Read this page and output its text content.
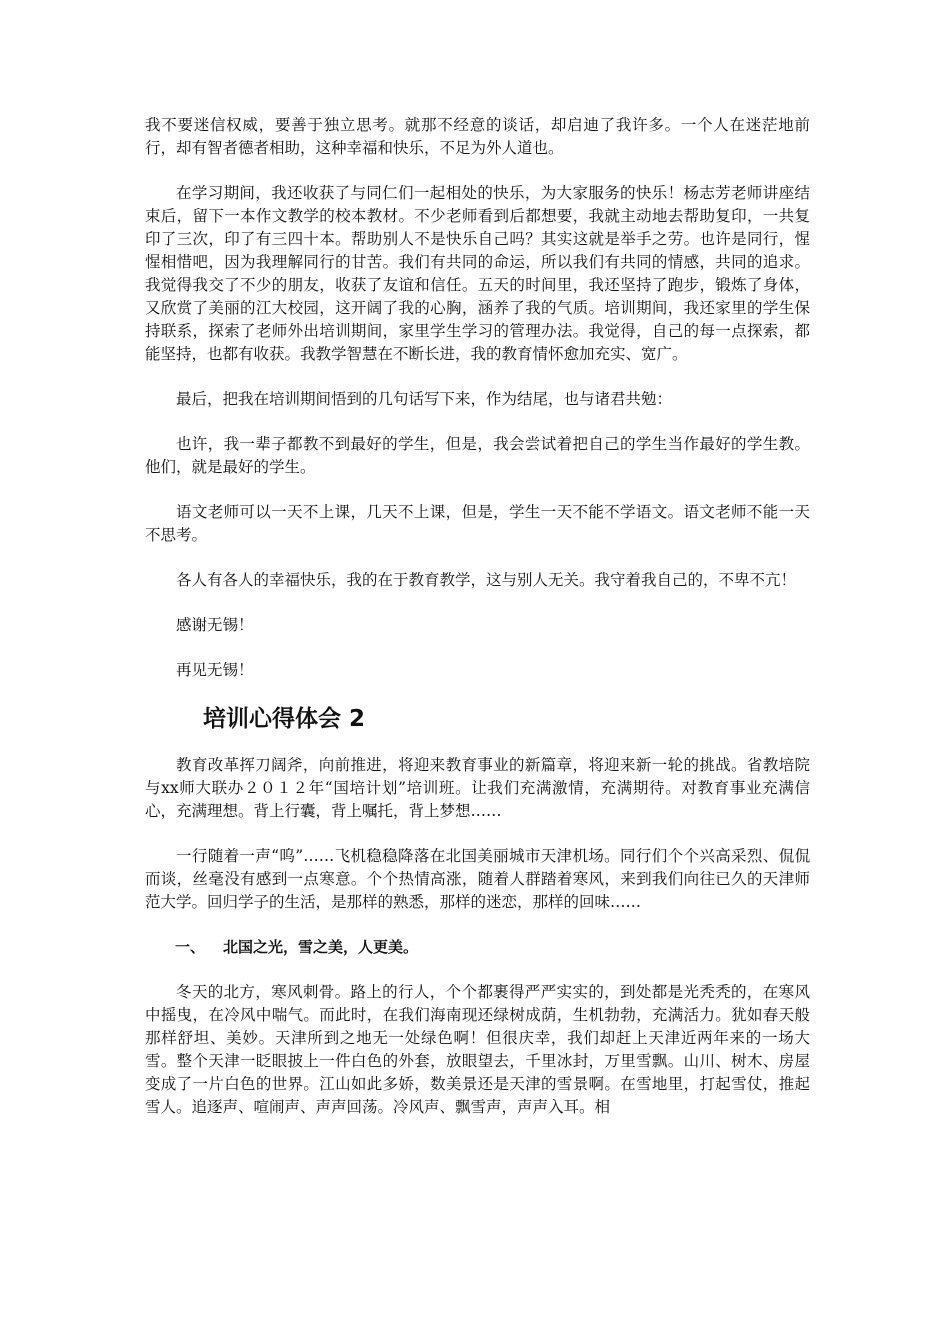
我不要迷信权威，要善于独立思考。就那不经意的谈话，却启迪了我许多。一个人在迷茫地前行，却有智者德者相助，这种幸福和快乐，不足为外人道也。

在学习期间，我还收获了与同仁们一起相处的快乐，为大家服务的快乐！杨志芳老师讲座结束后，留下一本作文教学的校本教材。不少老师看到后都想要，我就主动地去帮助复印，一共复印了三次，印了有三四十本。帮助别人不是快乐自己吗？其实这就是举手之劳。也许是同行，惺惺相惜吧，因为我理解同行的甘苦。我们有共同的命运，所以我们有共同的情感，共同的追求。我觉得我交了不少的朋友，收获了友谊和信任。五天的时间里，我还坚持了跑步，锻炼了身体，又欣赏了美丽的江大校园，这开阔了我的心胸，涵养了我的气质。培训期间，我还家里的学生保持联系，探索了老师外出培训期间，家里学生学习的管理办法。我觉得，自己的每一点探索，都能坚持，也都有收获。我教学智慧在不断长进，我的教育情怀愈加充实、宽广。

最后，把我在培训期间悟到的几句话写下来，作为结尾，也与诸君共勉：

也许，我一辈子都教不到最好的学生，但是，我会尝试着把自己的学生当作最好的学生教。他们，就是最好的学生。

语文老师可以一天不上课，几天不上课，但是，学生一天不能不学语文。语文老师不能一天不思考。

各人有各人的幸福快乐，我的在于教育教学，这与别人无关。我守着我自己的，不卑不亢！

感谢无锡！

再见无锡！

培训心得体会 2

教育改革挥刀阔斧，向前推进，将迎来教育事业的新篇章，将迎来新一轮的挑战。省教培院与xx师大联办２０１２年“国培计划”培训班。让我们充满激情，充满期待。对教育事业充满信心，充满理想。背上行囊，背上嘱托，背上梦想……

一行随着一声“呜”……飞机稳稳降落在北国美丽城市天津机场。同行们个个兴高采烈、侃侃而谈，丝毫没有感到一点寒意。个个热情高涨，随着人群踏着寒风，来到我们向往已久的天津师范大学。回归学子的生活，是那样的熟悉，那样的迷恋，那样的回味……

一、 北国之光，雪之美，人更美。

冬天的北方，寒风刺骨。路上的行人，个个都裹得严严实实的，到处都是光秃秃的，在寒风中摇曳，在冷风中喘气。而此时，在我们海南现还绿树成荫，生机勃勃，充满活力。犹如春天般那样舒坦、美妙。天津所到之地无一处绿色啊！但很庆幸，我们却赶上天津近两年来的一场大雪。整个天津一眨眼披上一件白色的外套，放眼望去，千里冰封，万里雪飘。山川、树木、房屋变成了一片白色的世界。江山如此多娇，数美景还是天津的雪景啊。在雪地里，打起雪仗，推起雪人。追逐声、喧闹声、声声回荡。冷风声、飘雪声，声声入耳。相
